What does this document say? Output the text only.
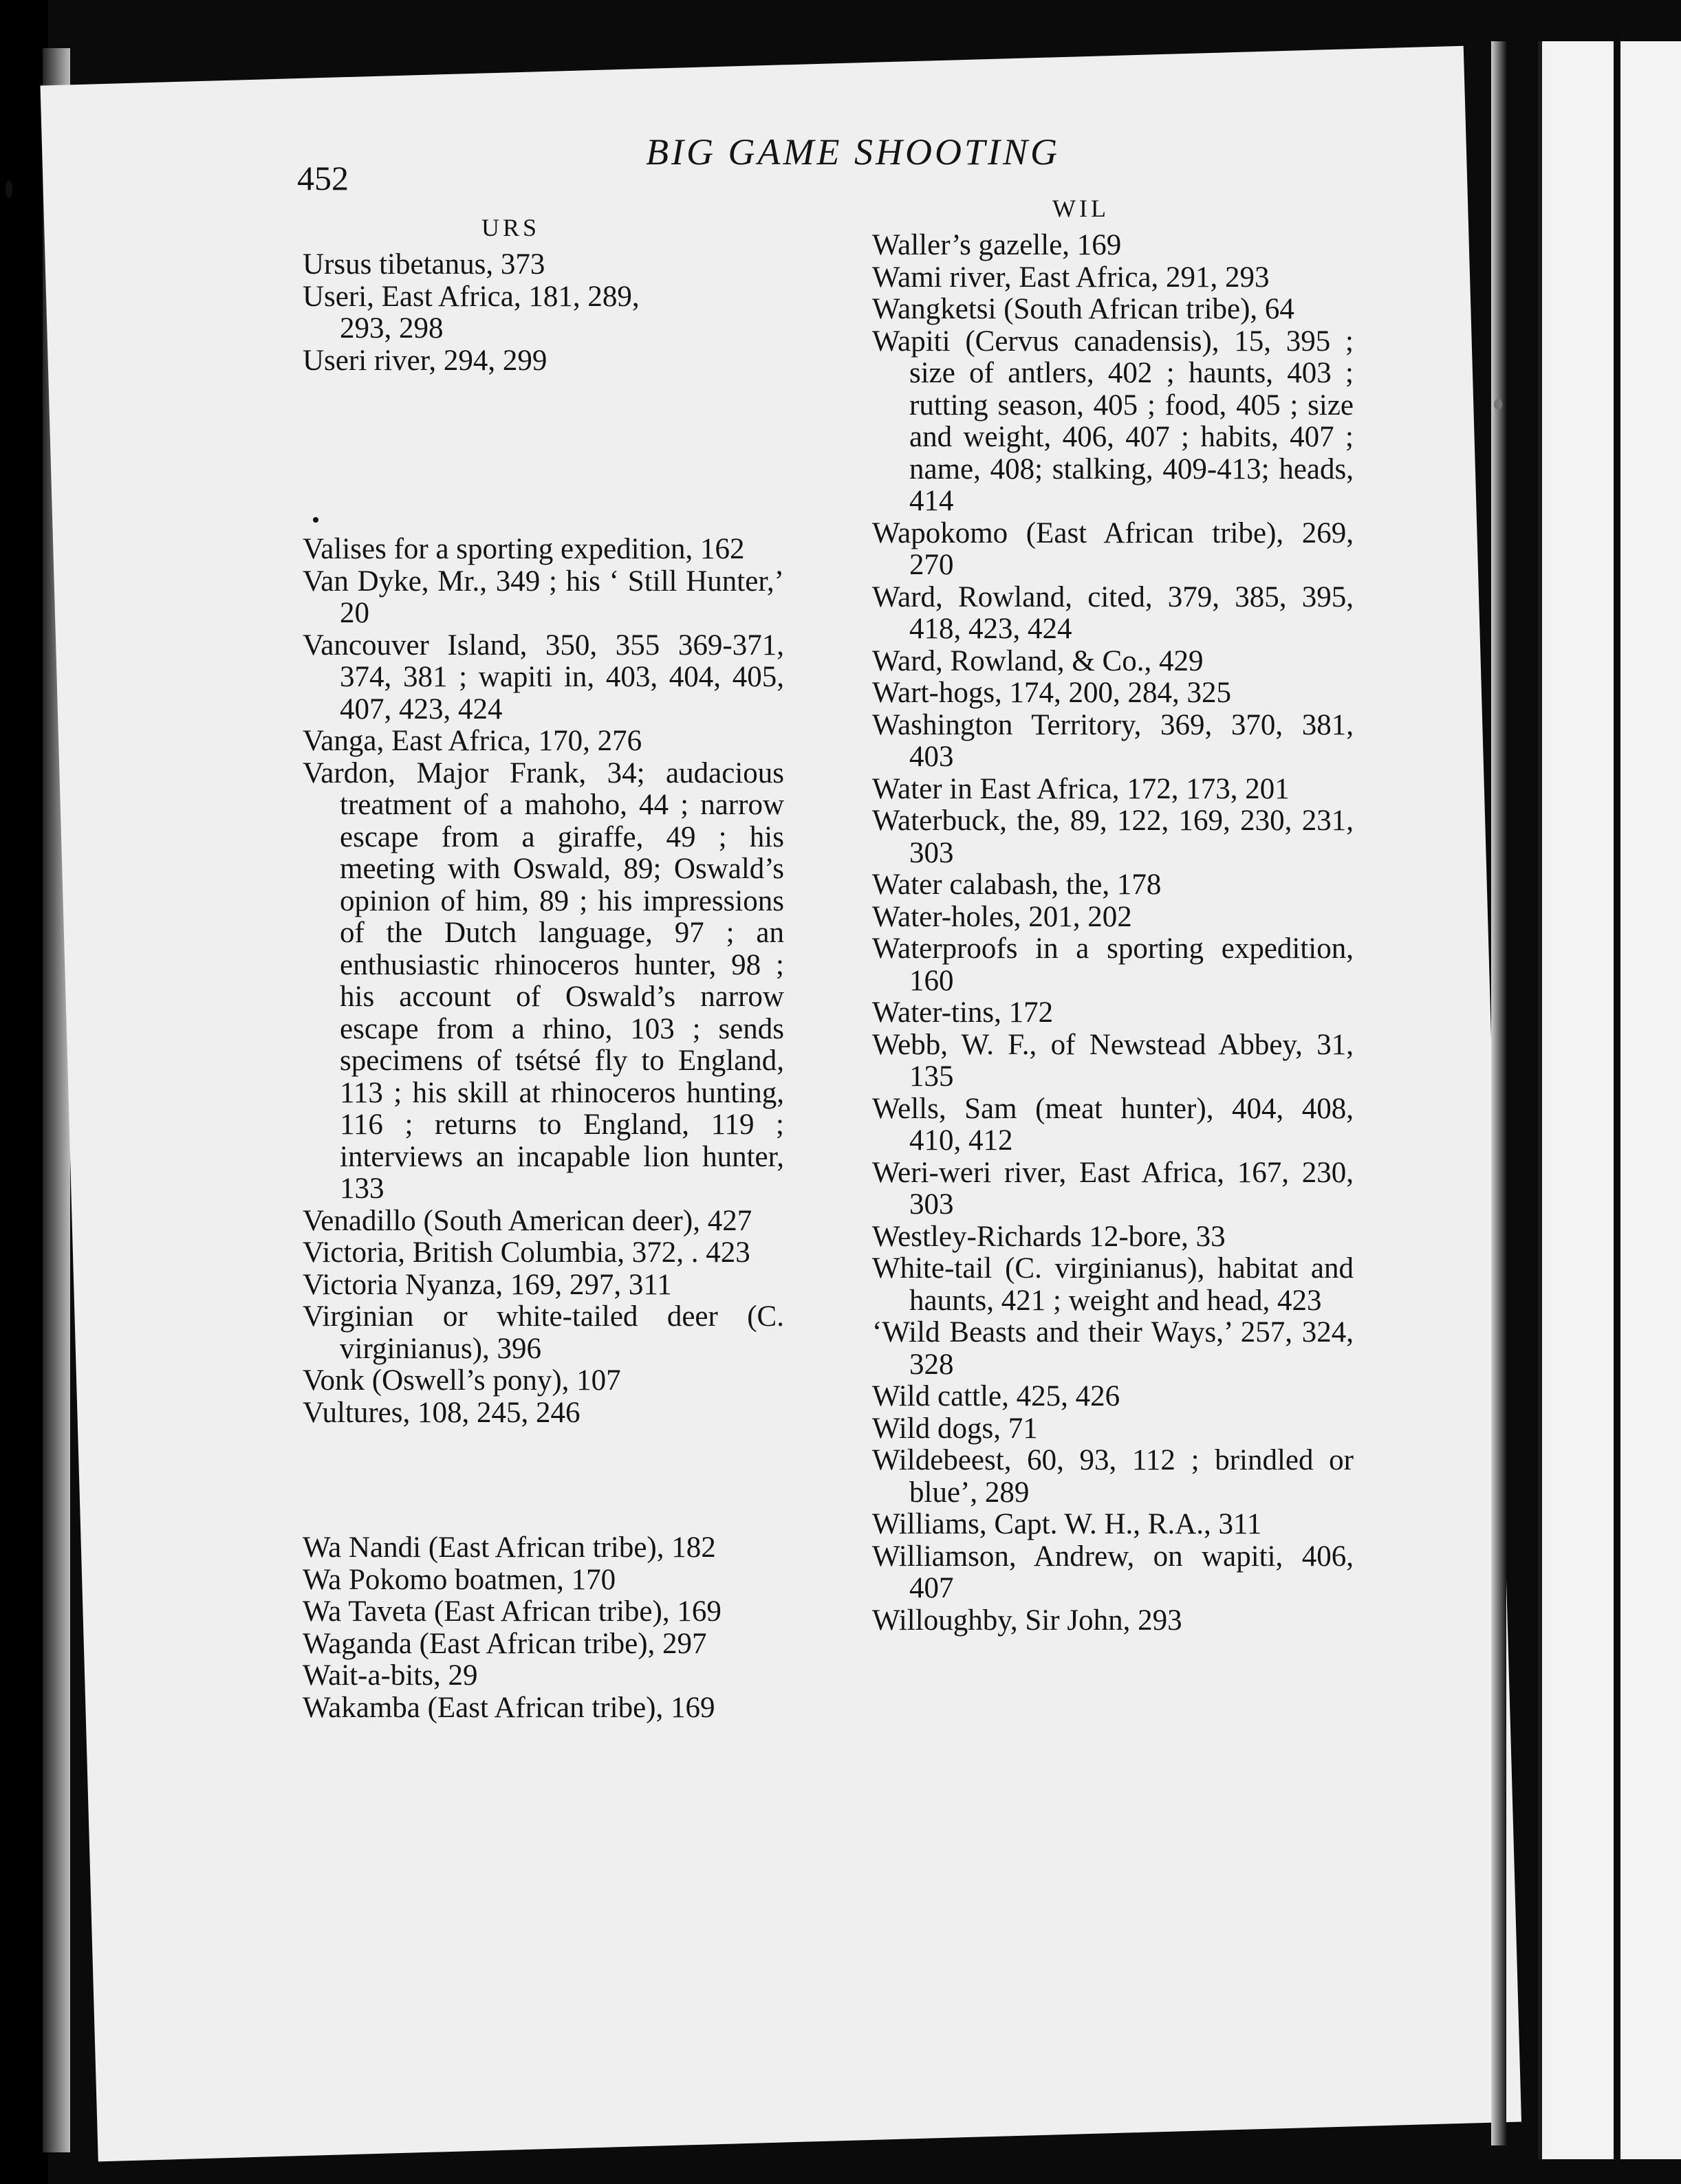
452
BIG GAME SHOOTING
URS
WIL

Ursus tibetanus, 373

Useri, East Africa, 181, 289,
293, 298

Useri river, 294, 299

Valises for a sporting expedition, 162

Van Dyke, Mr., 349 ; his ‘ Still Hunter,’ 20

Vancouver Island, 350, 355 369-371, 374, 381 ; wapiti in, 403, 404, 405, 407, 423, 424

Vanga, East Africa, 170, 276

Vardon, Major Frank, 34; audacious treatment of a mahoho, 44 ; narrow escape from a giraffe, 49 ; his meeting with Oswald, 89; Oswald’s opinion of him, 89 ; his impressions of the Dutch language, 97 ; an enthusiastic rhinoceros hunter, 98 ; his account of Oswald’s narrow escape from a rhino, 103 ; sends specimens of tsétsé fly to England, 113 ; his skill at rhinoceros hunting, 116 ; returns to England, 119 ; interviews an incapable lion hunter, 133

Venadillo (South American deer), 427

Victoria, British Columbia, 372, . 423

Victoria Nyanza, 169, 297, 311

Virginian or white-tailed deer (C. virginianus), 396

Vonk (Oswell’s pony), 107

Vultures, 108, 245, 246

Wa Nandi (East African tribe), 182

Wa Pokomo boatmen, 170

Wa Taveta (East African tribe), 169

Waganda (East African tribe), 297

Wait-a-bits, 29

Wakamba (East African tribe), 169

Waller’s gazelle, 169

Wami river, East Africa, 291, 293

Wangketsi (South African tribe), 64

Wapiti (Cervus canadensis), 15, 395 ; size of antlers, 402 ; haunts, 403 ; rutting season, 405 ; food, 405 ; size and weight, 406, 407 ; habits, 407 ; name, 408; stalking, 409-413; heads, 414

Wapokomo (East African tribe), 269, 270

Ward, Rowland, cited, 379, 385, 395, 418, 423, 424

Ward, Rowland, & Co., 429

Wart-hogs, 174, 200, 284, 325

Washington Territory, 369, 370, 381, 403

Water in East Africa, 172, 173, 201

Waterbuck, the, 89, 122, 169, 230, 231, 303

Water calabash, the, 178

Water-holes, 201, 202

Waterproofs in a sporting expedition, 160

Water-tins, 172

Webb, W. F., of Newstead Abbey, 31, 135

Wells, Sam (meat hunter), 404, 408, 410, 412

Weri-weri river, East Africa, 167, 230, 303

Westley-Richards 12-bore, 33

White-tail (C. virginianus), habitat and haunts, 421 ; weight and head, 423

‘Wild Beasts and their Ways,’ 257, 324, 328

Wild cattle, 425, 426

Wild dogs, 71

Wildebeest, 60, 93, 112 ; brindled or blue’, 289

Williams, Capt. W. H., R.A., 311

Williamson, Andrew, on wapiti, 406, 407

Willoughby, Sir John, 293
